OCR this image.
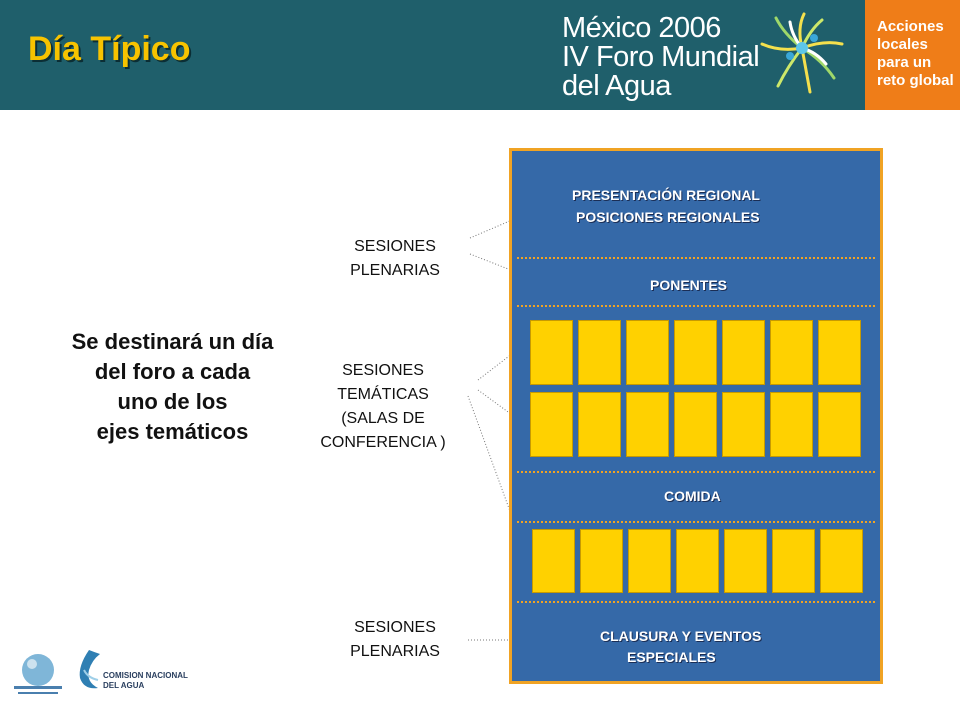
Día Típico
México 2006
IV Foro Mundial
del Agua
Acciones
locales
para un
reto global
Se destinará un día
del foro a cada
uno de los
ejes temáticos
SESIONES
PLENARIAS
SESIONES
TEMÁTICAS
(SALAS DE
CONFERENCIA )
SESIONES
PLENARIAS
PRESENTACIÓN REGIONAL
POSICIONES REGIONALES
PONENTES
COMIDA
CLAUSURA Y EVENTOS
ESPECIALES
COMISION NACIONAL
DEL AGUA
